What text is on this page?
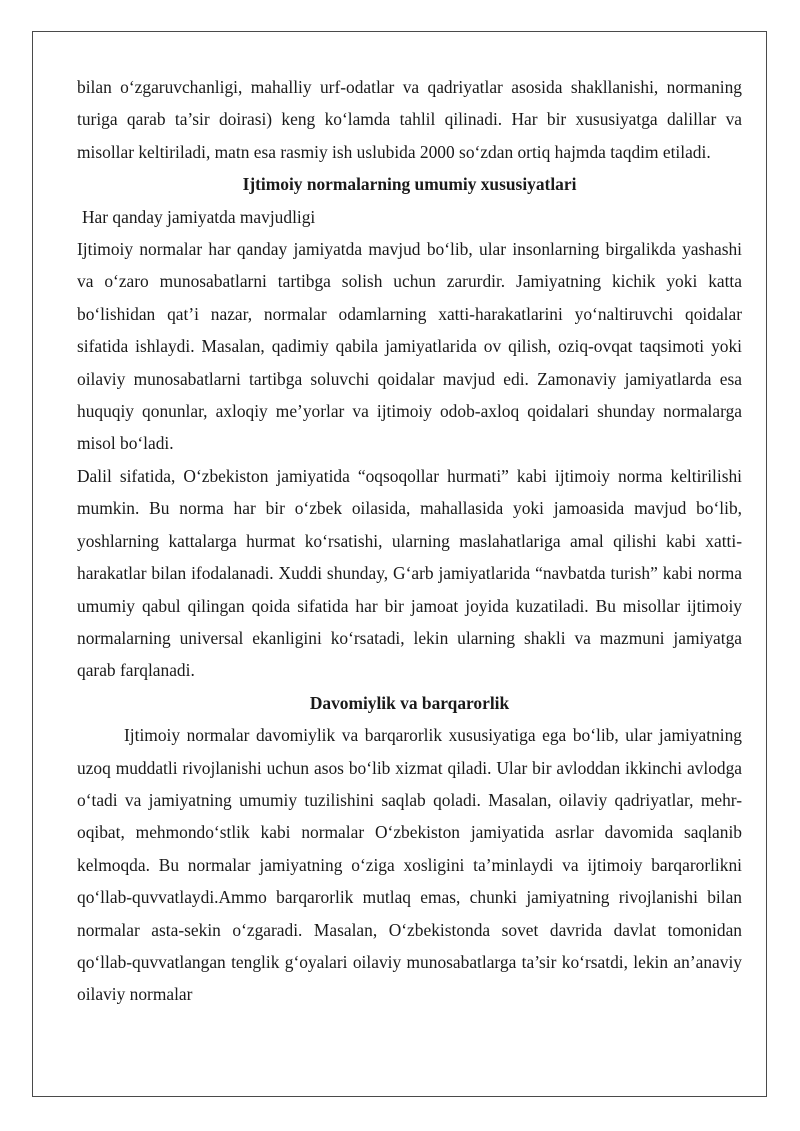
bilan o‘zgaruvchanligi, mahalliy urf-odatlar va qadriyatlar asosida shakllanishi, normaning turiga qarab ta’sir doirasi) keng ko‘lamda tahlil qilinadi. Har bir xususiyatga dalillar va misollar keltiriladi, matn esa rasmiy ish uslubida 2000 so‘zdan ortiq hajmda taqdim etiladi.

Ijtimoiy normalarning umumiy xususiyatlari

Har qanday jamiyatda mavjudligi

Ijtimoiy normalar har qanday jamiyatda mavjud bo‘lib, ular insonlarning birgalikda yashashi va o‘zaro munosabatlarni tartibga solish uchun zarurdir. Jamiyatning kichik yoki katta bo‘lishidan qat’i nazar, normalar odamlarning xatti-harakatlarini yo‘naltiruvchi qoidalar sifatida ishlaydi. Masalan, qadimiy qabila jamiyatlarida ov qilish, oziq-ovqat taqsimoti yoki oilaviy munosabatlarni tartibga soluvchi qoidalar mavjud edi. Zamonaviy jamiyatlarda esa huquqiy qonunlar, axloqiy me’yorlar va ijtimoiy odob-axloq qoidalari shunday normalarga misol bo‘ladi.

Dalil sifatida, O‘zbekiston jamiyatida “oqsoqollar hurmati” kabi ijtimoiy norma keltirilishi mumkin. Bu norma har bir o‘zbek oilasida, mahallasida yoki jamoasida mavjud bo‘lib, yoshlarning kattalarga hurmat ko‘rsatishi, ularning maslahatlariga amal qilishi kabi xatti-harakatlar bilan ifodalanadi. Xuddi shunday, G‘arb jamiyatlarida “navbatda turish” kabi norma umumiy qabul qilingan qoida sifatida har bir jamoat joyida kuzatiladi. Bu misollar ijtimoiy normalarning universal ekanligini ko‘rsatadi, lekin ularning shakli va mazmuni jamiyatga qarab farqlanadi.

Davomiylik va barqarorlik

Ijtimoiy normalar davomiylik va barqarorlik xususiyatiga ega bo‘lib, ular jamiyatning uzoq muddatli rivojlanishi uchun asos bo‘lib xizmat qiladi. Ular bir avloddan ikkinchi avlodga o‘tadi va jamiyatning umumiy tuzilishini saqlab qoladi. Masalan, oilaviy qadriyatlar, mehr-oqibat, mehmondo‘stlik kabi normalar O‘zbekiston jamiyatida asrlar davomida saqlanib kelmoqda. Bu normalar jamiyatning o‘ziga xosligini ta’minlaydi va ijtimoiy barqarorlikni qo‘llab-quvvatlaydi.Ammo barqarorlik mutlaq emas, chunki jamiyatning rivojlanishi bilan normalar asta-sekin o‘zgaradi. Masalan, O‘zbekistonda sovet davrida davlat tomonidan qo‘llab-quvvatlangan tenglik g‘oyalari oilaviy munosabatlarga ta’sir ko‘rsatdi, lekin an’anaviy oilaviy normalar
